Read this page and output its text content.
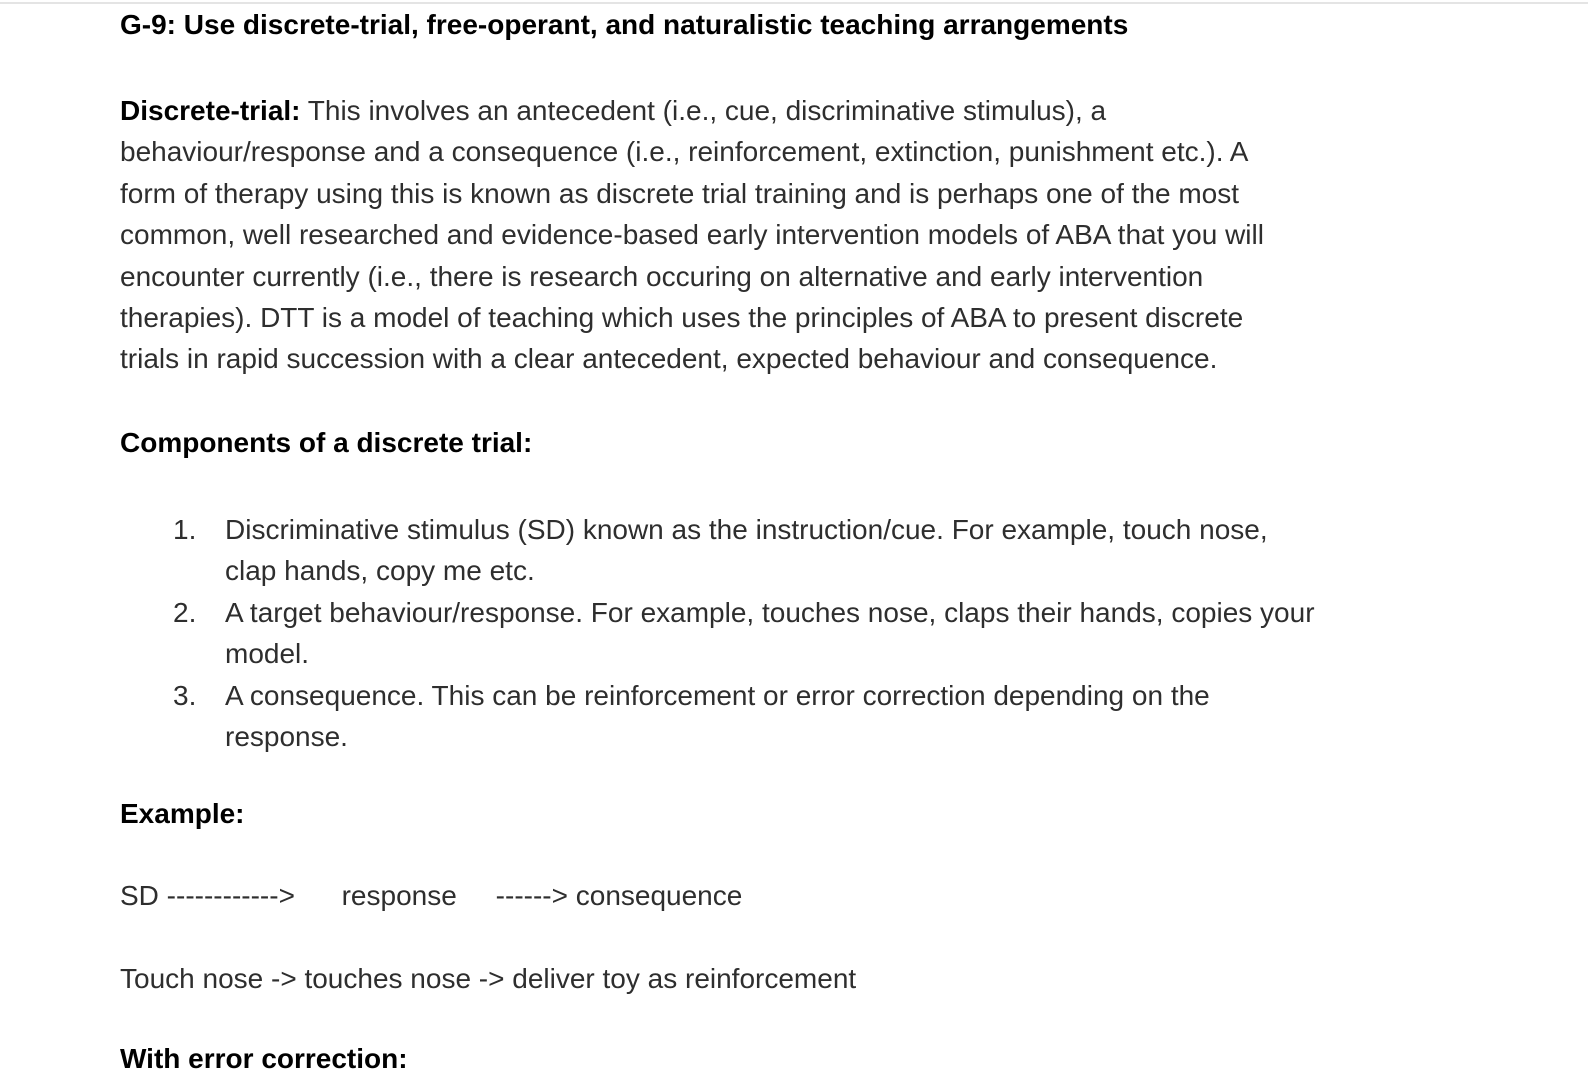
G-9: Use discrete-trial, free-operant, and naturalistic teaching arrangements
Discrete-trial: This involves an antecedent (i.e., cue, discriminative stimulus), a
behaviour/response and a consequence (i.e., reinforcement, extinction, punishment etc.). A
form of therapy using this is known as discrete trial training and is perhaps one of the most
common, well researched and evidence-based early intervention models of ABA that you will
encounter currently (i.e., there is research occuring on alternative and early intervention
therapies). DTT is a model of teaching which uses the principles of ABA to present discrete
trials in rapid succession with a clear antecedent, expected behaviour and consequence.
Components of a discrete trial:
1. Discriminative stimulus (SD) known as the instruction/cue. For example, touch nose,
clap hands, copy me etc.
2. A target behaviour/response. For example, touches nose, claps their hands, copies your
model.
3. A consequence. This can be reinforcement or error correction depending on the
response.
Example:
SD ------------>      response     ------> consequence
Touch nose -> touches nose -> deliver toy as reinforcement
With error correction:
